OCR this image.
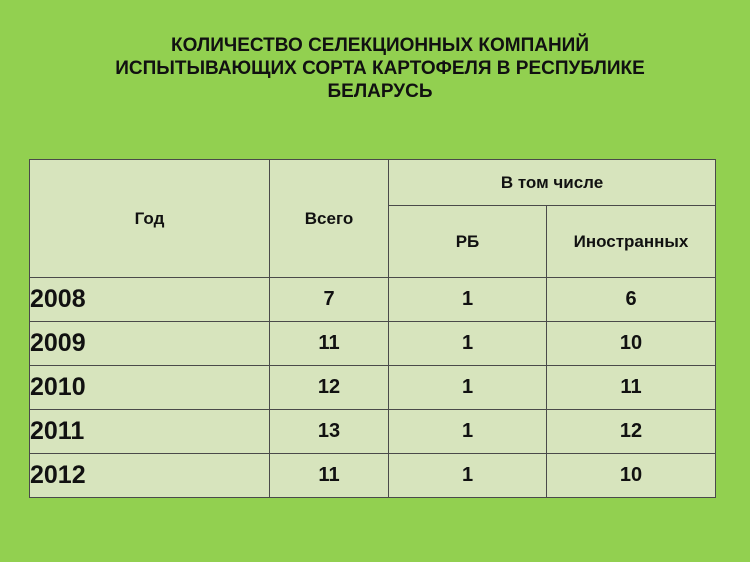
КОЛИЧЕСТВО СЕЛЕКЦИОННЫХ КОМПАНИЙ
ИСПЫТЫВАЮЩИХ СОРТА КАРТОФЕЛЯ В РЕСПУБЛИКЕ
БЕЛАРУСЬ
Год	Всего	В том числе	
		РБ	Иностранных
2008	7	1	6
2009	11	1	10
2010	12	1	11
2011	13	1	12
2012	11	1	10
